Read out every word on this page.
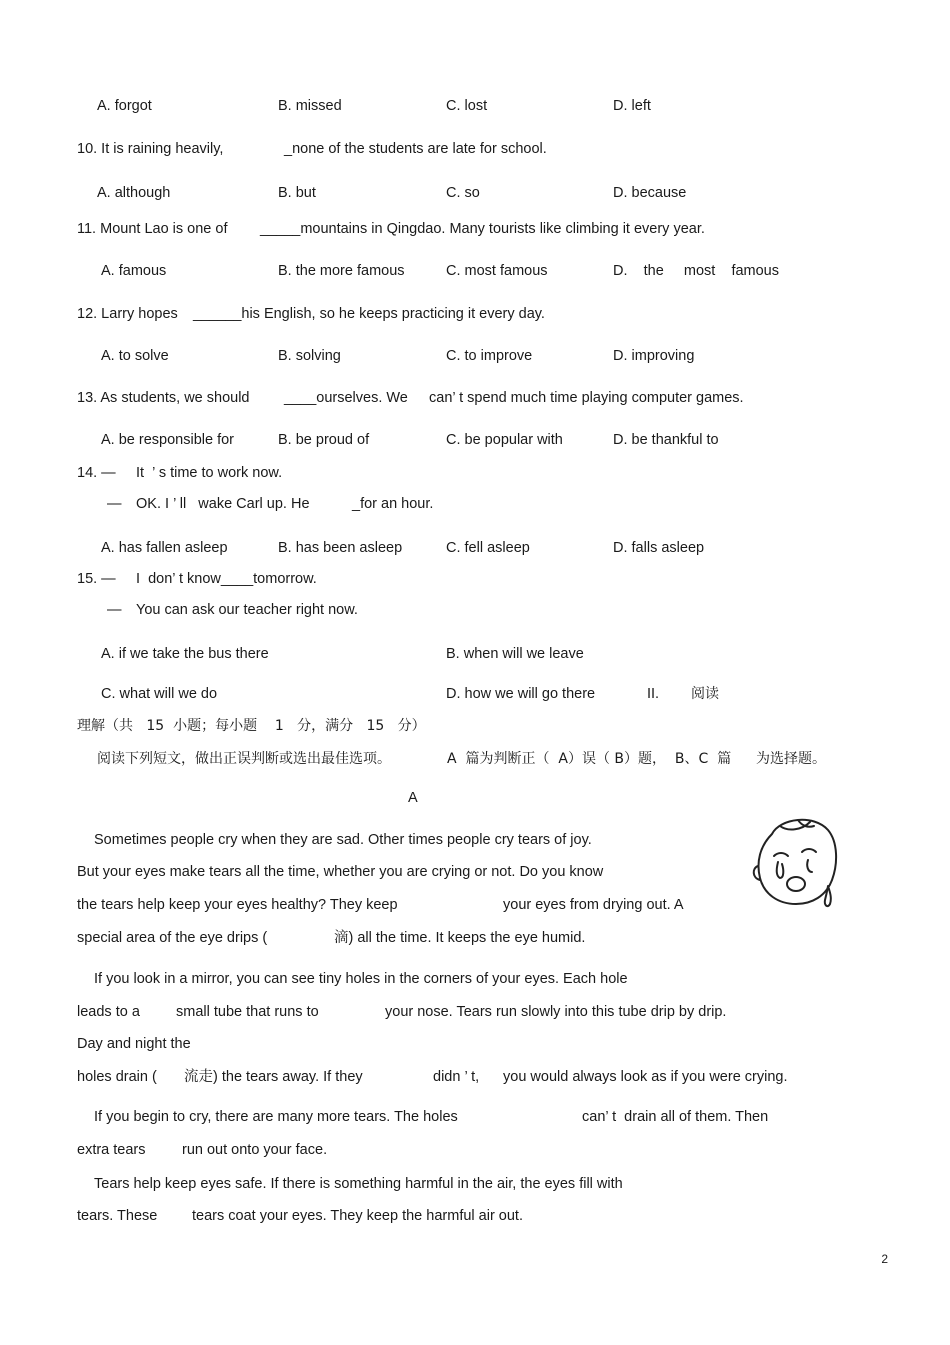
A. forgot	B. missed	C. lost	D. left
10. It is raining heavily,	_none of the students are late for school.
A. although	B. but	C. so	D. because
11. Mount Lao is one of _____mountains in Qingdao. Many tourists like climbing it every year.
A. famous	B. the more famous	C. most famous	D.    the     most    famous
12. Larry hopes ______his English, so he keeps practicing it every day.
A. to solve	B. solving	C. to improve	D. improving
13. As students, we should ____ourselves. We can’ t spend much time playing computer games.
A. be responsible for	B. be proud of	C. be popular with	D. be thankful to
14. — It  ’ s time to work now.
— OK. I ’ ll   wake Carl up. He	_for an hour.
A. has fallen asleep	B. has been asleep	C. fell asleep	D. falls asleep
15. — I  don’ t know____tomorrow.
— You can ask our teacher right now.
A. if we take the bus there	B. when will we leave
C. what will we do	D. how we will go there	II. 阅读
理解（共   15  小题；每小题    1   分，满分   15   分）
阅读下列短文，做出正误判断或选出最佳选项。	A  篇为判断正（  A）误（ B）题，  B、C  篇 为选择题。
A
Sometimes people cry when they are sad. Other times people cry tears of joy.
But your eyes make tears all the time, whether you are crying or not. Do you know
the tears help keep your eyes healthy? They keep	your eyes from drying out. A
special area of the eye drips (	滴) all the time. It keeps the eye humid.
If you look in a mirror, you can see tiny holes in the corners of your eyes. Each hole
leads to a small tube that runs to	your nose. Tears run slowly into this tube drip by drip.
Day and night the
holes drain ( 流走) the tears away. If they	didn ’ t, you would always look as if you were crying.
If you begin to cry, there are many more tears. The holes	can’ t  drain all of them. Then
extra tears	run out onto your face.
Tears help keep eyes safe. If there is something harmful in the air, the eyes fill with
tears. These tears coat your eyes. They keep the harmful air out.
2
